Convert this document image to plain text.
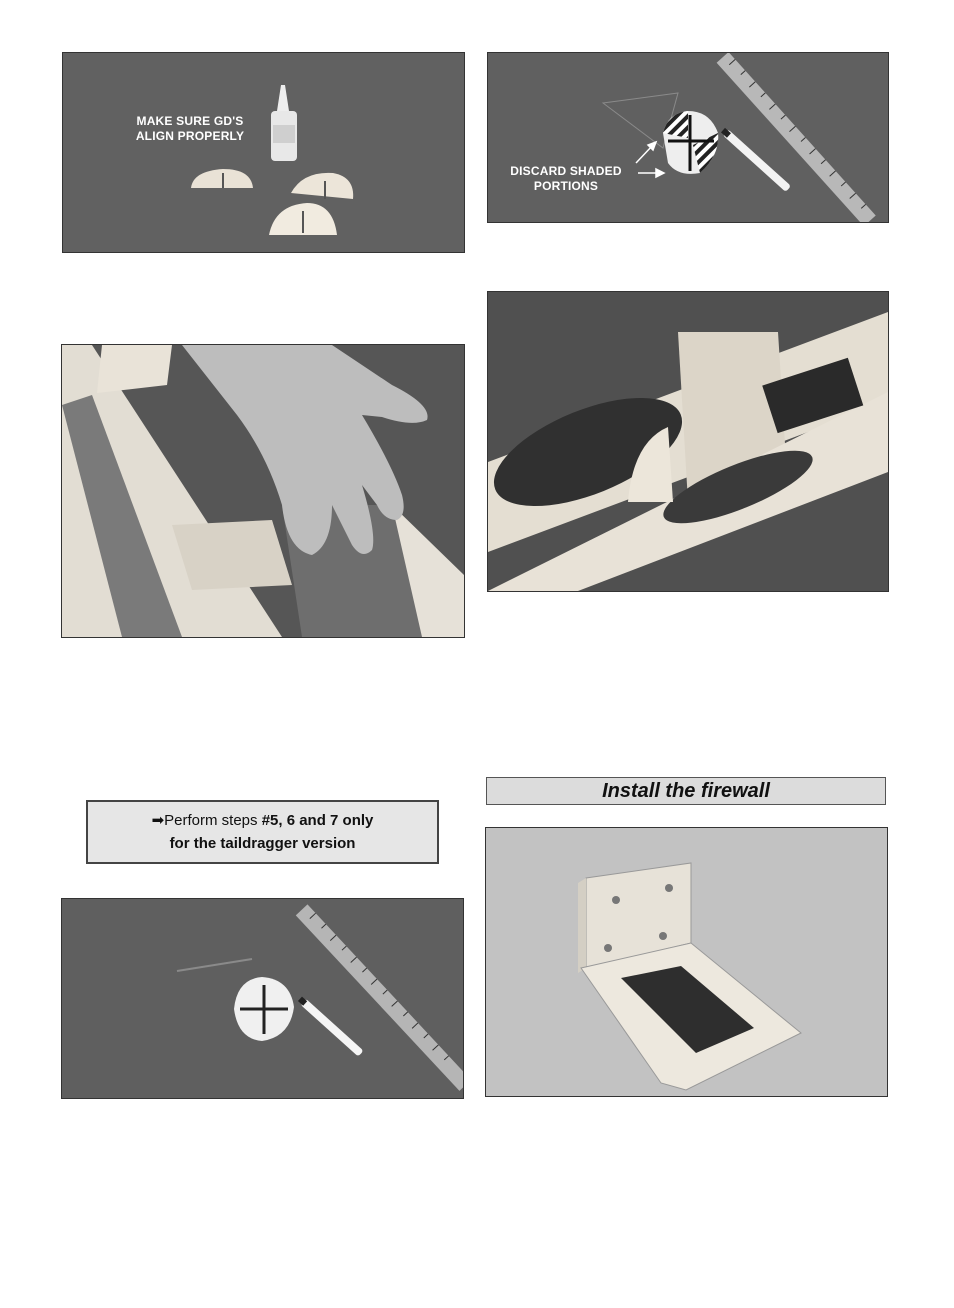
MAKE SURE GD'S
ALIGN PROPERLY
DISCARD SHADED
PORTIONS
➡Perform steps #5, 6 and 7 only
for the taildragger version
Install the firewall
